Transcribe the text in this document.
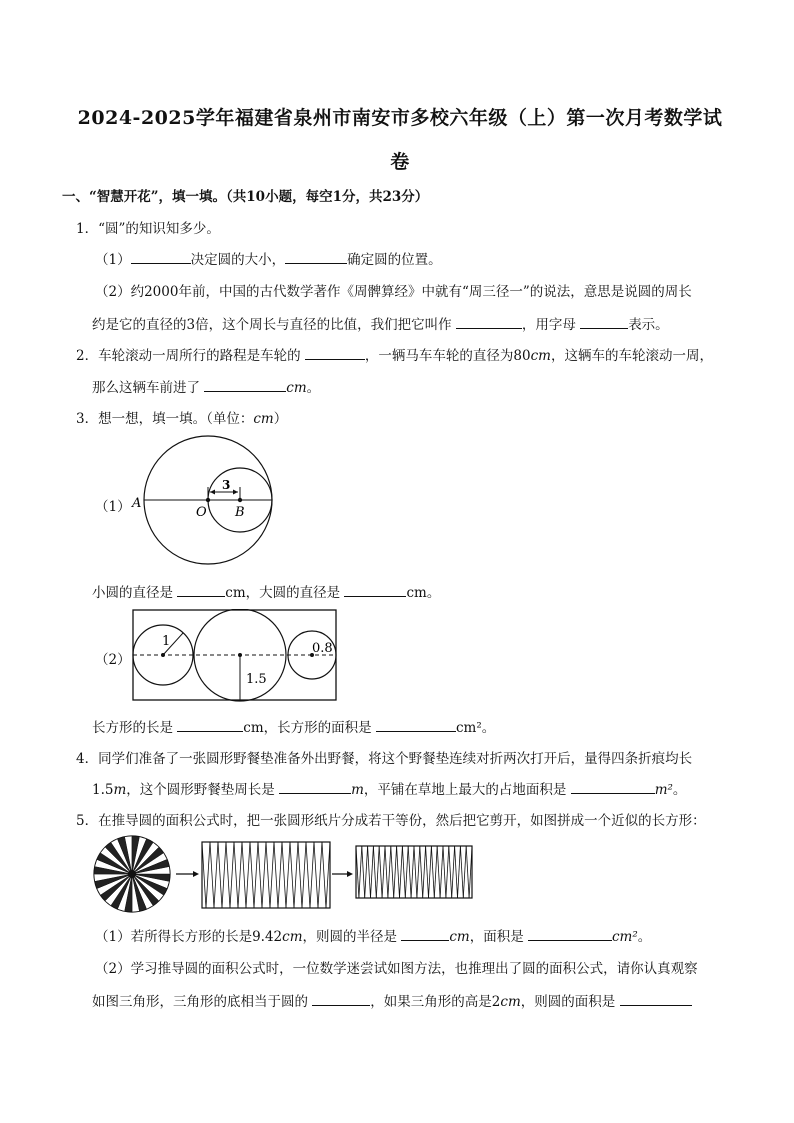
2024-2025学年福建省泉州市南安市多校六年级（上）第一次月考数学试
卷
一、“智慧开花”，填一填。（共10小题，每空1分，共23分）
1．“圆”的知识知多少。
（1）	决定圆的大小，	确定圆的位置。
（2）约2000年前，中国的古代数学著作《周髀算经》中就有“周三径一”的说法，意思是说圆的周长
约是它的直径的3倍，这个周长与直径的比值，我们把它叫作	，用字母	表示。
2．车轮滚动一周所行的路程是车轮的	，一辆马车车轮的直径为80cm，这辆车的车轮滚动一周，
那么这辆车前进了	cm。
3．想一想，填一填。（单位：cm）
（1）
3
A
O B
小圆的直径是	cm，大圆的直径是	cm。
（2）
1
1.5
0.8
长方形的长是	cm，长方形的面积是	cm²。
4．同学们准备了一张圆形野餐垫准备外出野餐，将这个野餐垫连续对折两次打开后，量得四条折痕均长
1.5m，这个圆形野餐垫周长是	m，平铺在草地上最大的占地面积是	m²。
5．在推导圆的面积公式时，把一张圆形纸片分成若干等份，然后把它剪开，如图拼成一个近似的长方形：
（1）若所得长方形的长是9.42cm，则圆的半径是	cm，面积是	cm²。
（2）学习推导圆的面积公式时，一位数学迷尝试如图方法，也推理出了圆的面积公式，请你认真观察
如图三角形，三角形的底相当于圆的	，如果三角形的高是2cm，则圆的面积是
